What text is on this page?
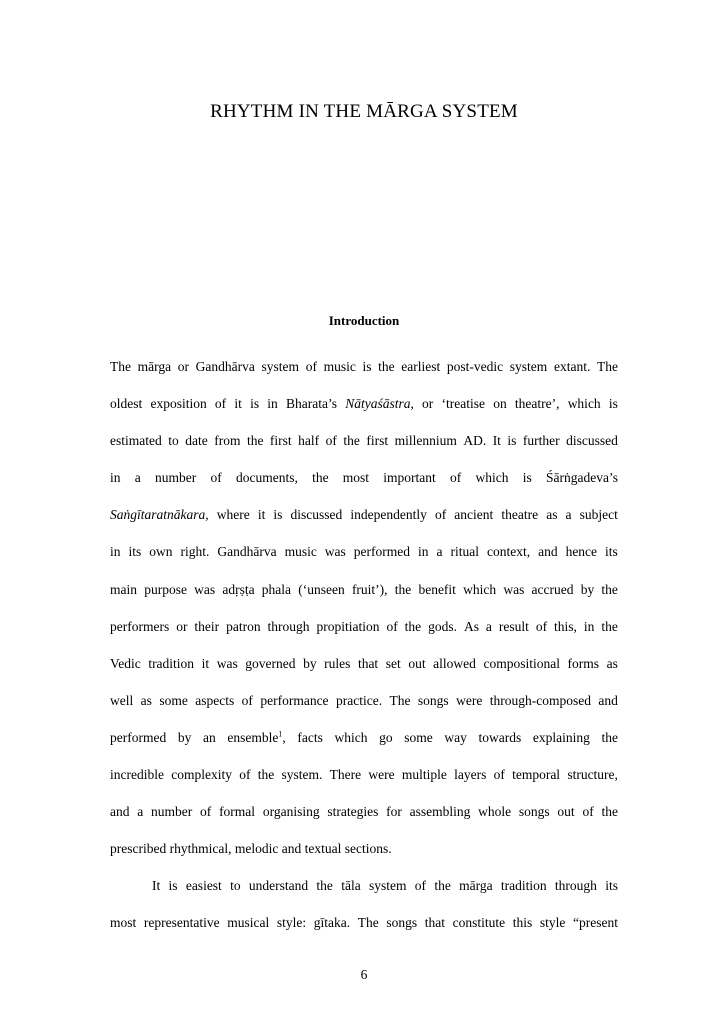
RHYTHM IN THE MĀRGA SYSTEM
Introduction
The mārga or Gandhārva system of music is the earliest post-vedic system extant. The
oldest exposition of it is in Bharata’s Nātyaśāstra, or ‘treatise on theatre’, which is
estimated to date from the first half of the first millennium AD. It is further discussed
in a number of documents, the most important of which is Śārṅgadeva’s
Saṅgītaratnākara, where it is discussed independently of ancient theatre as a subject
in its own right. Gandhārva music was performed in a ritual context, and hence its
main purpose was adṛṣṭa phala (‘unseen fruit’), the benefit which was accrued by the
performers or their patron through propitiation of the gods. As a result of this, in the
Vedic tradition it was governed by rules that set out allowed compositional forms as
well as some aspects of performance practice. The songs were through-composed and
performed by an ensemble$^1$, facts which go some way towards explaining the
incredible complexity of the system. There were multiple layers of temporal structure,
and a number of formal organising strategies for assembling whole songs out of the
prescribed
rhythmical,
melodic
and
textual
sections.
It is easiest to understand the tāla system of the mārga tradition through its
most representative musical style: gītaka. The songs that constitute this style “present
6
